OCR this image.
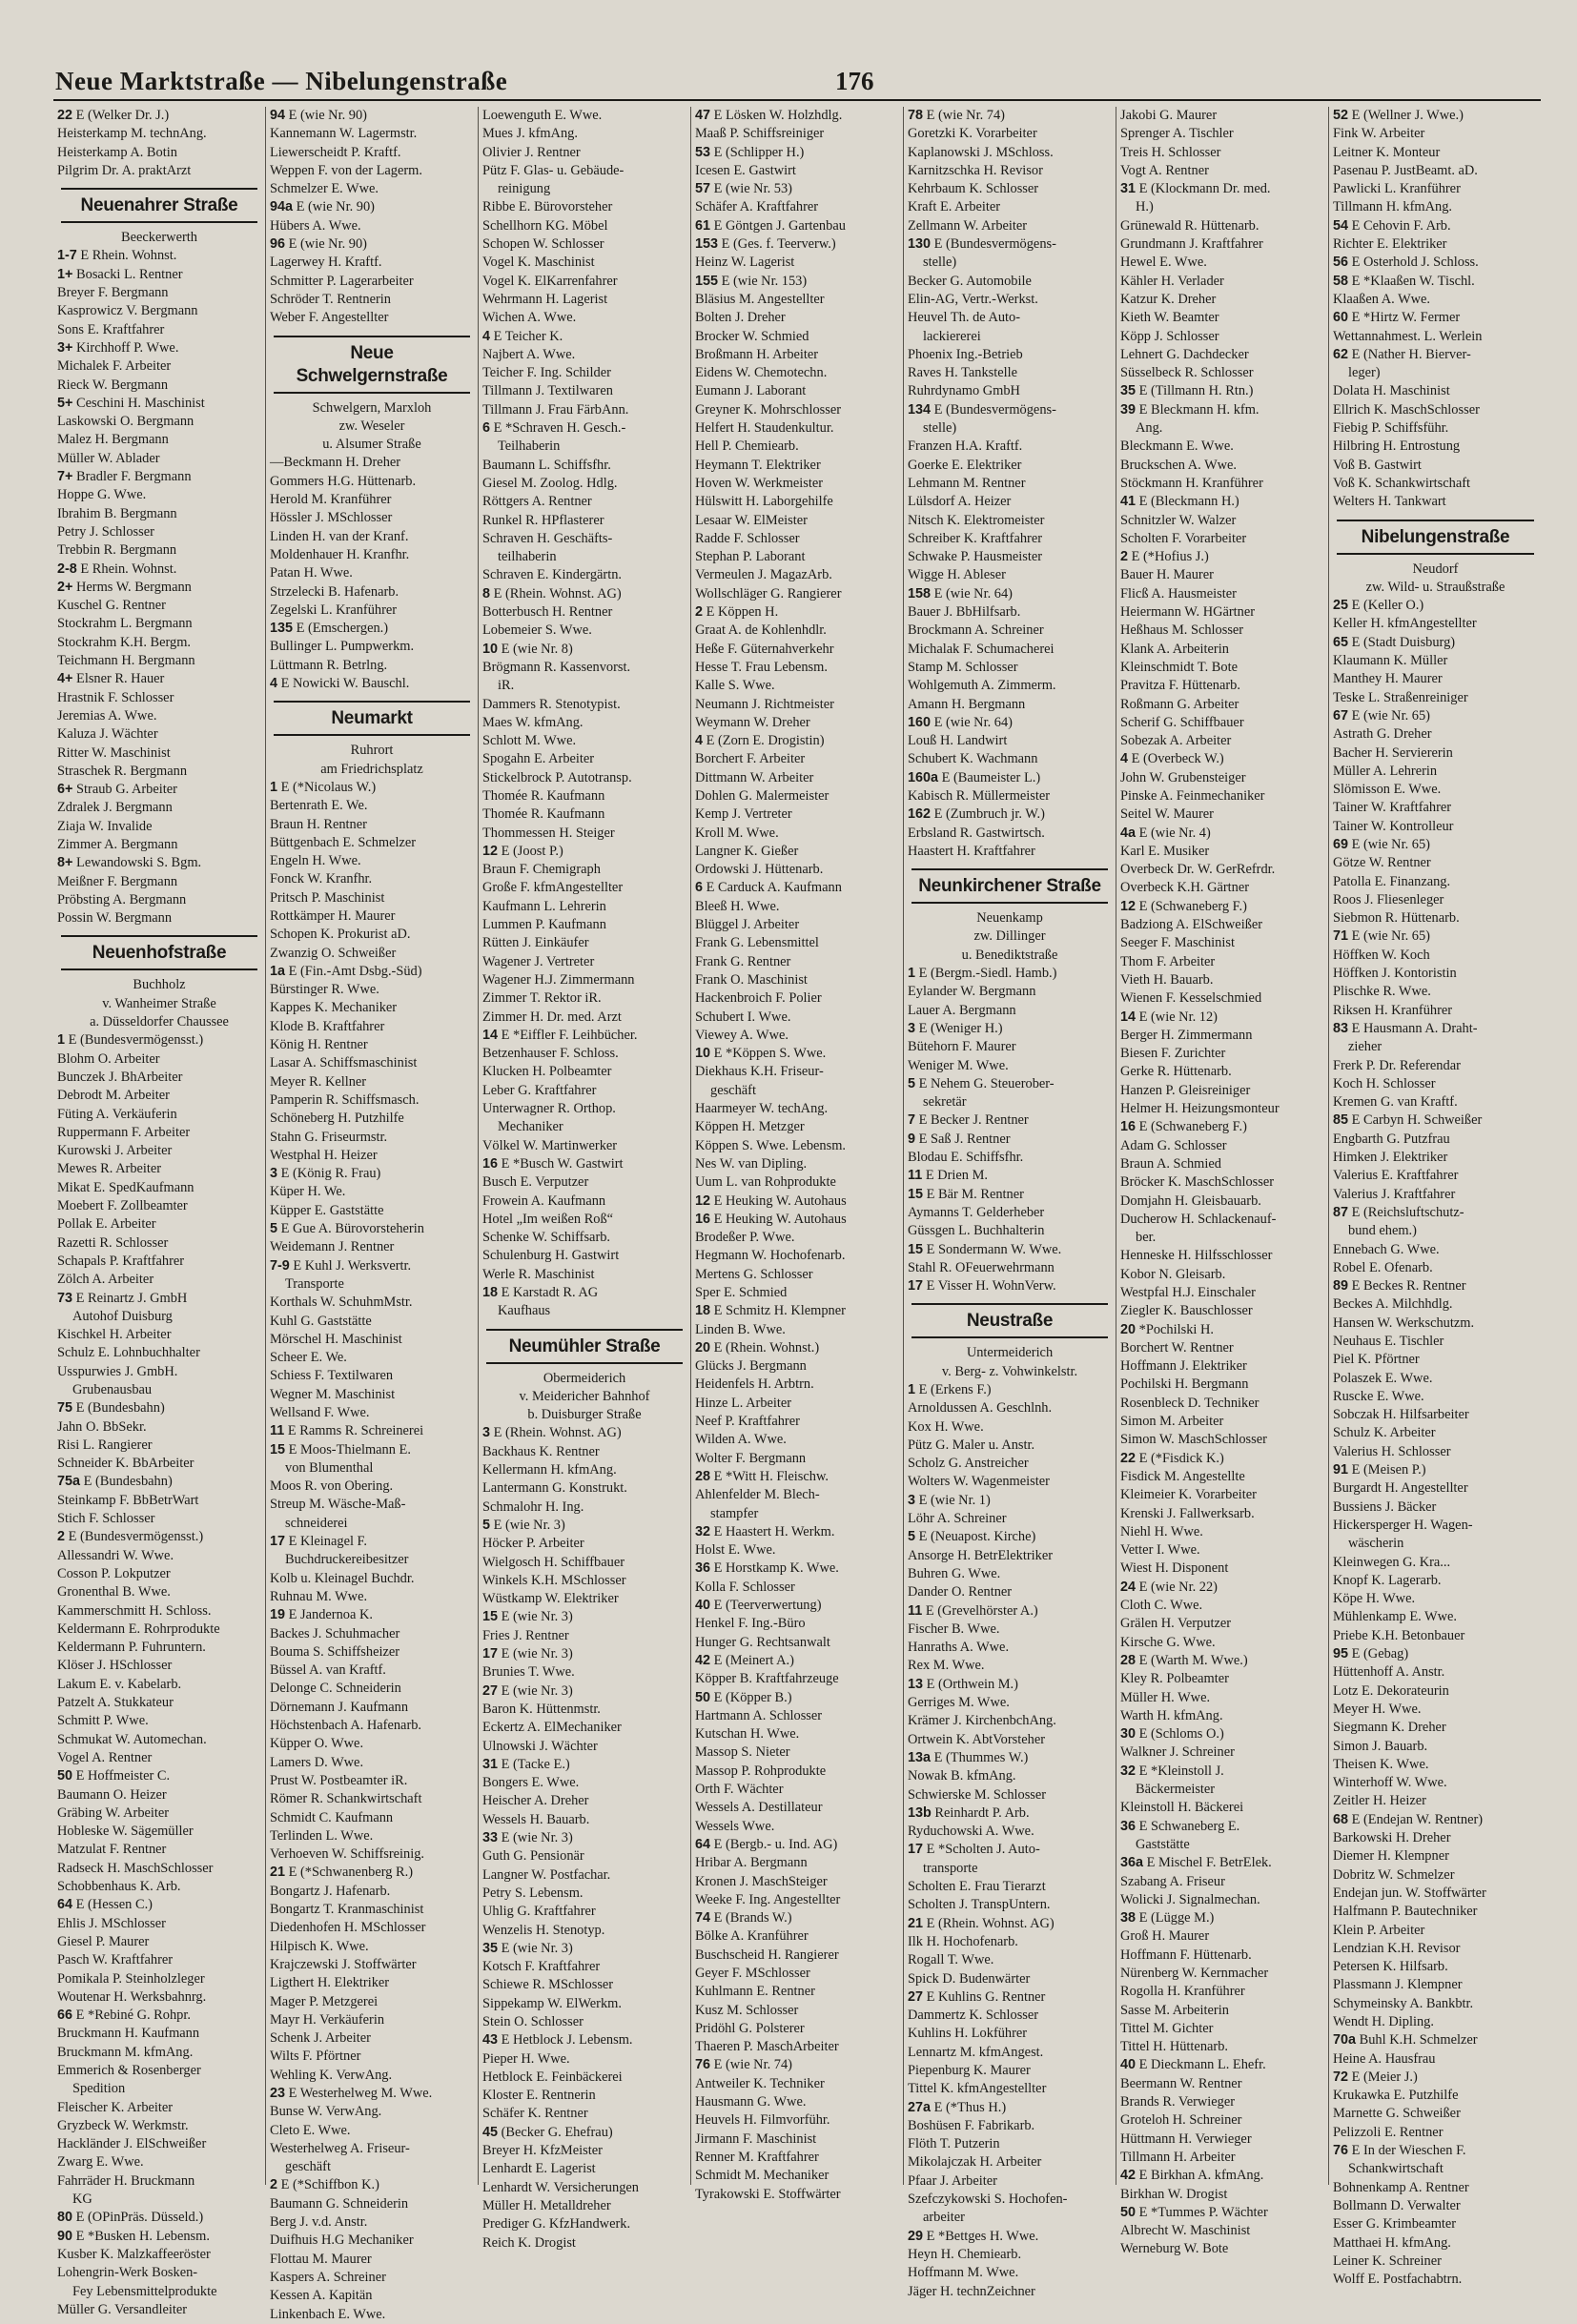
Neue Marktstraße — Nibelungenstraße	176
22 E (Welker Dr. J.)
Heisterkamp M. technAng.
Heisterkamp A. Botin
Pilgrim Dr. A. praktArzt
Neuenahrer Straße
Beeckerwerth
1-7 E Rhein. Wohnst.
1+ Bosacki L. Rentner
Breyer F. Bergmann
Kasprowicz V. Bergmann
Sons E. Kraftfahrer
3+ Kirchhoff P. Wwe.
Michalek F. Arbeiter
Rieck W. Bergmann
5+ Ceschini H. Maschinist
Laskowski O. Bergmann
Malez H. Bergmann
Müller W. Ablader
7+ Bradler F. Bergmann
Hoppe G. Wwe.
Ibrahim B. Bergmann
Petry J. Schlosser
Trebbin R. Bergmann
2-8 E Rhein. Wohnst.
2+ Herms W. Bergmann
Kuschel G. Rentner
Stockrahm L. Bergmann
Stockrahm K.H. Bergm.
Teichmann H. Bergmann
4+ Elsner R. Hauer
Hrastnik F. Schlosser
Jeremias A. Wwe.
Kaluza J. Wächter
Ritter W. Maschinist
Straschek R. Bergmann
6+ Straub G. Arbeiter
Zdralek J. Bergmann
Ziaja W. Invalide
Zimmer A. Bergmann
8+ Lewandowski S. Bgm.
Meißner F. Bergmann
Pröbsting A. Bergmann
Possin W. Bergmann
Neuenhofstraße
Buchholz
v. Wanheimer Straße
a. Düsseldorfer Chaussee
1 E (Bundesvermögensst.)
Blohm O. Arbeiter
Bunczek J. BhArbeiter
Debrodt M. Arbeiter
Füting A. Verkäuferin
Ruppermann F. Arbeiter
Kurowski J. Arbeiter
Mewes R. Arbeiter
Mikat E. SpedKaufmann
Moebert F. Zollbeamter
Pollak E. Arbeiter
Razetti R. Schlosser
Schapals P. Kraftfahrer
Zölch A. Arbeiter
73 E Reinartz J. GmbH
Autohof Duisburg
Kischkel H. Arbeiter
Schulz E. Lohnbuchhalter
Usspurwies J. GmbH.
Grubenausbau
75 E (Bundesbahn)
Jahn O. BbSekr.
Risi L. Rangierer
Schneider K. BbArbeiter
75a E (Bundesbahn)
Steinkamp F. BbBetrWart
Stich F. Schlosser
2 E (Bundesvermögensst.)
Allessandri W. Wwe.
Cosson P. Lokputzer
Gronenthal B. Wwe.
Kammerschmitt H. Schloss.
Keldermann E. Rohrprodukte
Keldermann P. Fuhruntern.
Klöser J. HSchlosser
Lakum E. v. Kabelarb.
Patzelt A. Stukkateur
Schmitt P. Wwe.
Schmukat W. Automechan.
Vogel A. Rentner
50 E Hoffmeister C.
Baumann O. Heizer
Gräbing W. Arbeiter
Hobleske W. Sägemüller
Matzulat F. Rentner
Radseck H. MaschSchlosser
Schobbenhaus K. Arb.
64 E (Hessen C.)
Ehlis J. MSchlosser
Giesel P. Maurer
Pasch W. Kraftfahrer
Pomikala P. Steinholzleger
Woutenar H. Werksbahnrg.
66 E *Rebiné G. Rohpr.
Bruckmann H. Kaufmann
Bruckmann M. kfmAng.
Emmerich & Rosenberger
Spedition
Fleischer K. Arbeiter
Gryzbeck W. Werkmstr.
Hackländer J. ElSchweißer
Zwarg E. Wwe.
Fahrräder H. Bruckmann
KG
80 E (OPinPräs. Düsseld.)
90 E *Busken H. Lebensm.
Kusber K. Malzkaffeeröster
Lohengrin-Werk Bosken-
Fey Lebensmittelprodukte
Müller G. Versandleiter
94 E (wie Nr. 90)
Kannemann W. Lagermstr.
Liewerscheidt P. Kraftf.
Weppen F. von der Lagerm.
Schmelzer E. Wwe.
94a E (wie Nr. 90)
Hübers A. Wwe.
96 E (wie Nr. 90)
Lagerwey H. Kraftf.
Schmitter P. Lagerarbeiter
Schröder T. Rentnerin
Weber F. Angestellter
Neue Schwelgernstraße
Schwelgern, Marxloh
zw. Weseler
u. Alsumer Straße
—Beckmann H. Dreher
Gommers H.G. Hüttenarb.
Herold M. Kranführer
Hössler J. MSchlosser
Linden H. van der Kranf.
Moldenhauer H. Kranfhr.
Patan H. Wwe.
Strzelecki B. Hafenarb.
Zegelski L. Kranführer
135 E (Emschergen.)
Bullinger L. Pumpwerkm.
Lüttmann R. Betrlng.
4 E Nowicki W. Bauschl.
Neumarkt
Ruhrort
am Friedrichsplatz
1 E (*Nicolaus W.)
Bertenrath E. We.
Braun H. Rentner
Büttgenbach E. Schmelzer
Engeln H. Wwe.
Fonck W. Kranfhr.
Pritsch P. Maschinist
Rottkämper H. Maurer
Schopen K. Prokurist aD.
Zwanzig O. Schweißer
1a E (Fin.-Amt Dsbg.-Süd)
Bürstinger R. Wwe.
Kappes K. Mechaniker
Klode B. Kraftfahrer
König H. Rentner
Lasar A. Schiffsmaschinist
Meyer R. Kellner
Pamperin R. Schiffsmasch.
Schöneberg H. Putzhilfe
Stahn G. Friseurmstr.
Westphal H. Heizer
3 E (König R. Frau)
Küper H. We.
Küpper E. Gaststätte
5 E Gue A. Bürovorsteherin
Weidemann J. Rentner
7-9 E Kuhl J. Werksvertr.
Transporte
Korthals W. SchuhmMstr.
Kuhl G. Gaststätte
Mörschel H. Maschinist
Scheer E. We.
Schiess F. Textilwaren
Wegner M. Maschinist
Wellsand F. Wwe.
11 E Ramms R. Schreinerei
15 E Moos-Thielmann E.
von Blumenthal
Moos R. von Obering.
Streup M. Wäsche-Maß-
schneiderei
17 E Kleinagel F.
Buchdruckereibesitzer
Kolb u. Kleinagel Buchdr.
Ruhnau M. Wwe.
19 E Jandernoa K.
Backes J. Schuhmacher
Bouma S. Schiffsheizer
Büssel A. van Kraftf.
Delonge C. Schneiderin
Dörnemann J. Kaufmann
Höchstenbach A. Hafenarb.
Küpper O. Wwe.
Lamers D. Wwe.
Prust W. Postbeamter iR.
Römer R. Schankwirtschaft
Schmidt C. Kaufmann
Terlinden L. Wwe.
Verhoeven W. Schiffsreinig.
21 E (*Schwanenberg R.)
Bongartz J. Hafenarb.
Bongartz T. Kranmaschinist
Diedenhofen H. MSchlosser
Hilpisch K. Wwe.
Krajczewski J. Stoffwärter
Ligthert H. Elektriker
Mager P. Metzgerei
Mayr H. Verkäuferin
Schenk J. Arbeiter
Wilts F. Pförtner
Wehling K. VerwAng.
23 E Westerhelweg M. Wwe.
Bunse W. VerwAng.
Cleto E. Wwe.
Westerhelweg A. Friseur-
geschäft
2 E (*Schiffbon K.)
Baumann G. Schneiderin
Berg J. v.d. Anstr.
Duifhuis H.G Mechaniker
Flottau M. Maurer
Kaspers A. Schreiner
Kessen A. Kapitän
Linkenbach E. Wwe.
Loewenguth E. Wwe.
Mues J. kfmAng.
Olivier J. Rentner
Pütz F. Glas- u. Gebäude-
reinigung
Ribbe E. Bürovorsteher
Schellhorn KG. Möbel
Schopen W. Schlosser
Vogel K. Maschinist
Vogel K. ElKarrenfahrer
Wehrmann H. Lagerist
Wichen A. Wwe.
4 E Teicher K.
Najbert A. Wwe.
Teicher F. Ing. Schilder
Tillmann J. Textilwaren
Tillmann J. Frau FärbAnn.
6 E *Schraven H. Gesch.-
Teilhaberin
Baumann L. Schiffsfhr.
Giesel M. Zoolog. Hdlg.
Röttgers A. Rentner
Runkel R. HPflasterer
Schraven H. Geschäfts-
teilhaberin
Schraven E. Kindergärtn.
8 E (Rhein. Wohnst. AG)
Botterbusch H. Rentner
Lobemeier S. Wwe.
10 E (wie Nr. 8)
Brögmann R. Kassenvorst.
iR.
Dammers R. Stenotypist.
Maes W. kfmAng.
Schlott M. Wwe.
Spogahn E. Arbeiter
Stickelbrock P. Autotransp.
Thomée R. Kaufmann
Thomée R. Kaufmann
Thommessen H. Steiger
12 E (Joost P.)
Braun F. Chemigraph
Große F. kfmAngestellter
Kaufmann L. Lehrerin
Lummen P. Kaufmann
Rütten J. Einkäufer
Wagener J. Vertreter
Wagener H.J. Zimmermann
Zimmer T. Rektor iR.
Zimmer H. Dr. med. Arzt
14 E *Eiffler F. Leihbücher.
Betzenhauser F. Schloss.
Klucken H. Polbeamter
Leber G. Kraftfahrer
Unterwagner R. Orthop.
Mechaniker
Völkel W. Martinwerker
16 E *Busch W. Gastwirt
Busch E. Verputzer
Frowein A. Kaufmann
Hotel „Im weißen Roß“
Schenke W. Schiffsarb.
Schulenburg H. Gastwirt
Werle R. Maschinist
18 E Karstadt R. AG
Kaufhaus
Neumühler Straße
Obermeiderich
v. Meidericher Bahnhof
b. Duisburger Straße
3 E (Rhein. Wohnst. AG)
Backhaus K. Rentner
Kellermann H. kfmAng.
Lantermann G. Konstrukt.
Schmalohr H. Ing.
5 E (wie Nr. 3)
Höcker P. Arbeiter
Wielgosch H. Schiffbauer
Winkels K.H. MSchlosser
Wüstkamp W. Elektriker
15 E (wie Nr. 3)
Fries J. Rentner
17 E (wie Nr. 3)
Brunies T. Wwe.
27 E (wie Nr. 3)
Baron K. Hüttenmstr.
Eckertz A. ElMechaniker
Ulnowski J. Wächter
31 E (Tacke E.)
Bongers E. Wwe.
Heischer A. Dreher
Wessels H. Bauarb.
33 E (wie Nr. 3)
Guth G. Pensionär
Langner W. Postfachar.
Petry S. Lebensm.
Uhlig G. Kraftfahrer
Wenzelis H. Stenotyp.
35 E (wie Nr. 3)
Kotsch F. Kraftfahrer
Schiewe R. MSchlosser
Sippekamp W. ElWerkm.
Stein O. Schlosser
43 E Hetblock J. Lebensm.
Pieper H. Wwe.
Hetblock E. Feinbäckerei
Kloster E. Rentnerin
Schäfer K. Rentner
45 (Becker G. Ehefrau)
Breyer H. KfzMeister
Lenhardt E. Lagerist
Lenhardt W. Versicherungen
Müller H. Metalldreher
Prediger G. KfzHandwerk.
Reich K. Drogist
47 E Lösken W. Holzhdlg.
Maaß P. Schiffsreiniger
53 E (Schlipper H.)
Icesen E. Gastwirt
57 E (wie Nr. 53)
Schäfer A. Kraftfahrer
61 E Göntgen J. Gartenbau
153 E (Ges. f. Teerverw.)
Heinz W. Lagerist
155 E (wie Nr. 153)
Bläsius M. Angestellter
Bolten J. Dreher
Brocker W. Schmied
Broßmann H. Arbeiter
Eidens W. Chemotechn.
Eumann J. Laborant
Greyner K. Mohrschlosser
Helfert H. Staudenkultur.
Hell P. Chemiearb.
Heymann T. Elektriker
Hoven W. Werkmeister
Hülswitt H. Laborgehilfe
Lesaar W. ElMeister
Radde F. Schlosser
Stephan P. Laborant
Vermeulen J. MagazArb.
Wollschläger G. Rangierer
2 E Köppen H.
Graat A. de Kohlenhdlr.
Heße F. Güternahverkehr
Hesse T. Frau Lebensm.
Kalle S. Wwe.
Neumann J. Richtmeister
Weymann W. Dreher
4 E (Zorn E. Drogistin)
Borchert F. Arbeiter
Dittmann W. Arbeiter
Dohlen G. Malermeister
Kemp J. Vertreter
Kroll M. Wwe.
Langner K. Gießer
Ordowski J. Hüttenarb.
6 E Carduck A. Kaufmann
Bleeß H. Wwe.
Blüggel J. Arbeiter
Frank G. Lebensmittel
Frank G. Rentner
Frank O. Maschinist
Hackenbroich F. Polier
Schubert I. Wwe.
Viewey A. Wwe.
10 E *Köppen S. Wwe.
Diekhaus K.H. Friseur-
geschäft
Haarmeyer W. techAng.
Köppen H. Metzger
Köppen S. Wwe. Lebensm.
Nes W. van Dipling.
Uum L. van Rohprodukte
12 E Heuking W. Autohaus
16 E Heuking W. Autohaus
Brodeßer P. Wwe.
Hegmann W. Hochofenarb.
Mertens G. Schlosser
Sper E. Schmied
18 E Schmitz H. Klempner
Linden B. Wwe.
20 E (Rhein. Wohnst.)
Glücks J. Bergmann
Heidenfels H. Arbtrn.
Hinze L. Arbeiter
Neef P. Kraftfahrer
Wilden A. Wwe.
Wolter F. Bergmann
28 E *Witt H. Fleischw.
Ahlenfelder M. Blech-
stampfer
32 E Haastert H. Werkm.
Holst E. Wwe.
36 E Horstkamp K. Wwe.
Kolla F. Schlosser
40 E (Teerverwertung)
Henkel F. Ing.-Büro
Hunger G. Rechtsanwalt
42 E (Meinert A.)
Köpper B. Kraftfahrzeuge
50 E (Köpper B.)
Hartmann A. Schlosser
Kutschan H. Wwe.
Massop S. Nieter
Massop P. Rohprodukte
Orth F. Wächter
Wessels A. Destillateur
Wessels Wwe.
64 E (Bergb.- u. Ind. AG)
Hribar A. Bergmann
Kronen J. MaschSteiger
Weeke F. Ing. Angestellter
74 E (Brands W.)
Bölke A. Kranführer
Buschscheid H. Rangierer
Geyer F. MSchlosser
Kuhlmann E. Rentner
Kusz M. Schlosser
Pridöhl G. Polsterer
Thaeren P. MaschArbeiter
76 E (wie Nr. 74)
Antweiler K. Techniker
Hausmann G. Wwe.
Heuvels H. Filmvorführ.
Jirmann F. Maschinist
Renner M. Kraftfahrer
Schmidt M. Mechaniker
Tyrakowski E. Stoffwärter
78 E (wie Nr. 74)
Goretzki K. Vorarbeiter
Kaplanowski J. MSchloss.
Karnitzschka H. Revisor
Kehrbaum K. Schlosser
Kraft E. Arbeiter
Zellmann W. Arbeiter
130 E (Bundesvermögens-
stelle)
Becker G. Automobile
Elin-AG, Vertr.-Werkst.
Heuvel Th. de Auto-
lackiererei
Phoenix Ing.-Betrieb
Raves H. Tankstelle
Ruhrdynamo GmbH
134 E (Bundesvermögens-
stelle)
Franzen H.A. Kraftf.
Goerke E. Elektriker
Lehmann M. Rentner
Lülsdorf A. Heizer
Nitsch K. Elektromeister
Schreiber K. Kraftfahrer
Schwake P. Hausmeister
Wigge H. Ableser
158 E (wie Nr. 64)
Bauer J. BbHilfsarb.
Brockmann A. Schreiner
Michalak F. Schumacherei
Stamp M. Schlosser
Wohlgemuth A. Zimmerm.
Amann H. Bergmann
160 E (wie Nr. 64)
Louß H. Landwirt
Schubert K. Wachmann
160a E (Baumeister L.)
Kabisch R. Müllermeister
162 E (Zumbruch jr. W.)
Erbsland R. Gastwirtsch.
Haastert H. Kraftfahrer
Neunkirchener Straße
Neuenkamp
zw. Dillinger
u. Benediktstraße
1 E (Bergm.-Siedl. Hamb.)
Eylander W. Bergmann
Lauer A. Bergmann
3 E (Weniger H.)
Bütehorn F. Maurer
Weniger M. Wwe.
5 E Nehem G. Steuerober-
sekretär
7 E Becker J. Rentner
9 E Saß J. Rentner
Blodau E. Schiffsfhr.
11 E Drien M.
15 E Bär M. Rentner
Aymanns T. Gelderheber
Güssgen L. Buchhalterin
15 E Sondermann W. Wwe.
Stahl R. OFeuerwehrmann
17 E Visser H. WohnVerw.
Neustraße
Untermeiderich
v. Berg- z. Vohwinkelstr.
1 E (Erkens F.)
Arnoldussen A. Geschlnh.
Kox H. Wwe.
Pütz G. Maler u. Anstr.
Scholz G. Anstreicher
Wolters W. Wagenmeister
3 E (wie Nr. 1)
Löhr A. Schreiner
5 E (Neuapost. Kirche)
Ansorge H. BetrElektriker
Buhren G. Wwe.
Dander O. Rentner
11 E (Grevelhörster A.)
Fischer B. Wwe.
Hanraths A. Wwe.
Rex M. Wwe.
13 E (Orthwein M.)
Gerriges M. Wwe.
Krämer J. KirchenbchAng.
Ortwein K. AbtVorsteher
13a E (Thummes W.)
Nowak B. kfmAng.
Schwierske M. Schlosser
13b Reinhardt P. Arb.
Ryduchowski A. Wwe.
17 E *Scholten J. Auto-
transporte
Scholten E. Frau Tierarzt
Scholten J. TranspUntern.
21 E (Rhein. Wohnst. AG)
Ilk H. Hochofenarb.
Rogall T. Wwe.
Spick D. Budenwärter
27 E Kuhlins G. Rentner
Dammertz K. Schlosser
Kuhlins H. Lokführer
Lennartz M. kfmAngest.
Piepenburg K. Maurer
Tittel K. kfmAngestellter
27a E (*Thus H.)
Boshüsen F. Fabrikarb.
Flöth T. Putzerin
Mikolajczak H. Arbeiter
Pfaar J. Arbeiter
Szefczykowski S. Hochofen-
arbeiter
29 E *Bettges H. Wwe.
Heyn H. Chemiearb.
Hoffmann M. Wwe.
Jäger H. technZeichner
Jakobi G. Maurer
Sprenger A. Tischler
Treis H. Schlosser
Vogt A. Rentner
31 E (Klockmann Dr. med.
H.)
Grünewald R. Hüttenarb.
Grundmann J. Kraftfahrer
Hewel E. Wwe.
Kähler H. Verlader
Katzur K. Dreher
Kieth W. Beamter
Köpp J. Schlosser
Lehnert G. Dachdecker
Süsselbeck R. Schlosser
35 E (Tillmann H. Rtn.)
39 E Bleckmann H. kfm.
Ang.
Bleckmann E. Wwe.
Bruckschen A. Wwe.
Stöckmann H. Kranführer
41 E (Bleckmann H.)
Schnitzler W. Walzer
Scholten F. Vorarbeiter
2 E (*Hofius J.)
Bauer H. Maurer
Flicß A. Hausmeister
Heiermann W. HGärtner
Heßhaus M. Schlosser
Klank A. Arbeiterin
Kleinschmidt T. Bote
Pravitza F. Hüttenarb.
Roßmann G. Arbeiter
Scherif G. Schiffbauer
Sobezak A. Arbeiter
4 E (Overbeck W.)
John W. Grubensteiger
Pinske A. Feinmechaniker
Seitel W. Maurer
4a E (wie Nr. 4)
Karl E. Musiker
Overbeck Dr. W. GerRefrdr.
Overbeck K.H. Gärtner
12 E (Schwaneberg F.)
Badziong A. ElSchweißer
Seeger F. Maschinist
Thom F. Arbeiter
Vieth H. Bauarb.
Wienen F. Kesselschmied
14 E (wie Nr. 12)
Berger H. Zimmermann
Biesen F. Zurichter
Gerke R. Hüttenarb.
Hanzen P. Gleisreiniger
Helmer H. Heizungsmonteur
16 E (Schwaneberg F.)
Adam G. Schlosser
Braun A. Schmied
Bröcker K. MaschSchlosser
Domjahn H. Gleisbauarb.
Ducherow H. Schlackenauf-
ber.
Henneske H. Hilfsschlosser
Kobor N. Gleisarb.
Westpfal H.J. Einschaler
Ziegler K. Bauschlosser
20 *Pochilski H.
Borchert W. Rentner
Hoffmann J. Elektriker
Pochilski H. Bergmann
Rosenbleck D. Techniker
Simon M. Arbeiter
Simon W. MaschSchlosser
22 E (*Fisdick K.)
Fisdick M. Angestellte
Kleimeier K. Vorarbeiter
Krenski J. Fallwerksarb.
Niehl H. Wwe.
Vetter I. Wwe.
Wiest H. Disponent
24 E (wie Nr. 22)
Cloth C. Wwe.
Grälen H. Verputzer
Kirsche G. Wwe.
28 E (Warth M. Wwe.)
Kley R. Polbeamter
Müller H. Wwe.
Warth H. kfmAng.
30 E (Schloms O.)
Walkner J. Schreiner
32 E *Kleinstoll J.
Bäckermeister
Kleinstoll H. Bäckerei
36 E Schwaneberg E.
Gaststätte
36a E Mischel F. BetrElek.
Szabang A. Friseur
Wolicki J. Signalmechan.
38 E (Lügge M.)
Groß H. Maurer
Hoffmann F. Hüttenarb.
Nürenberg W. Kernmacher
Rogolla H. Kranführer
Sasse M. Arbeiterin
Tittel M. Gichter
Tittel H. Hüttenarb.
40 E Dieckmann L. Ehefr.
Beermann W. Rentner
Brands R. Verwieger
Groteloh H. Schreiner
Hüttmann H. Verwieger
Tillmann H. Arbeiter
42 E Birkhan A. kfmAng.
Birkhan W. Drogist
50 E *Tummes P. Wächter
Albrecht W. Maschinist
Werneburg W. Bote
52 E (Wellner J. Wwe.)
Fink W. Arbeiter
Leitner K. Monteur
Pasenau P. JustBeamt. aD.
Pawlicki L. Kranführer
Tillmann H. kfmAng.
54 E Cehovin F. Arb.
Richter E. Elektriker
56 E Osterhold J. Schloss.
58 E *Klaaßen W. Tischl.
Klaaßen A. Wwe.
60 E *Hirtz W. Fermer
Wettannahmest. L. Werlein
62 E (Nather H. Bierver-
leger)
Dolata H. Maschinist
Ellrich K. MaschSchlosser
Fiebig P. Schiffsführ.
Hilbring H. Entrostung
Voß B. Gastwirt
Voß K. Schankwirtschaft
Welters H. Tankwart
Nibelungenstraße
Neudorf
zw. Wild- u. Straußstraße
25 E (Keller O.)
Keller H. kfmAngestellter
65 E (Stadt Duisburg)
Klaumann K. Müller
Manthey H. Maurer
Teske L. Straßenreiniger
67 E (wie Nr. 65)
Astrath G. Dreher
Bacher H. Serviererin
Müller A. Lehrerin
Slömisson E. Wwe.
Tainer W. Kraftfahrer
Tainer W. Kontrolleur
69 E (wie Nr. 65)
Götze W. Rentner
Patolla E. Finanzang.
Roos J. Fliesenleger
Siebmon R. Hüttenarb.
71 E (wie Nr. 65)
Höffken W. Koch
Höffken J. Kontoristin
Plischke R. Wwe.
Riksen H. Kranführer
83 E Hausmann A. Draht-
zieher
Frerk P. Dr. Referendar
Koch H. Schlosser
Kremen G. van Kraftf.
85 E Carbyn H. Schweißer
Engbarth G. Putzfrau
Himken J. Elektriker
Valerius E. Kraftfahrer
Valerius J. Kraftfahrer
87 E (Reichsluftschutz-
bund ehem.)
Ennebach G. Wwe.
Robel E. Ofenarb.
89 E Beckes R. Rentner
Beckes A. Milchhdlg.
Hansen W. Werkschutzm.
Neuhaus E. Tischler
Piel K. Pförtner
Polaszek E. Wwe.
Ruscke E. Wwe.
Sobczak H. Hilfsarbeiter
Schulz K. Arbeiter
Valerius H. Schlosser
91 E (Meisen P.)
Burgardt H. Angestellter
Bussiens J. Bäcker
Hickersperger H. Wagen-
wäscherin
Kleinwegen G. Kra...
Knopf K. Lagerarb.
Köpe H. Wwe.
Mühlenkamp E. Wwe.
Priebe K.H. Betonbauer
95 E (Gebag)
Hüttenhoff A. Anstr.
Lotz E. Dekorateurin
Meyer H. Wwe.
Siegmann K. Dreher
Simon J. Bauarb.
Theisen K. Wwe.
Winterhoff W. Wwe.
Zeitler H. Heizer
68 E (Endejan W. Rentner)
Barkowski H. Dreher
Diemer H. Klempner
Dobritz W. Schmelzer
Endejan jun. W. Stoffwärter
Halfmann P. Bautechniker
Klein P. Arbeiter
Lendzian K.H. Revisor
Petersen K. Hilfsarb.
Plassmann J. Klempner
Schymeinsky A. Bankbtr.
Wendt H. Dipling.
70a Buhl K.H. Schmelzer
Heine A. Hausfrau
72 E (Meier J.)
Krukawka E. Putzhilfe
Marnette G. Schweißer
Pelizzoli E. Rentner
76 E In der Wieschen F.
Schankwirtschaft
Bohnenkamp A. Rentner
Bollmann D. Verwalter
Esser G. Krimbeamter
Matthaei H. kfmAng.
Leiner K. Schreiner
Wolff E. Postfachabtrn.
